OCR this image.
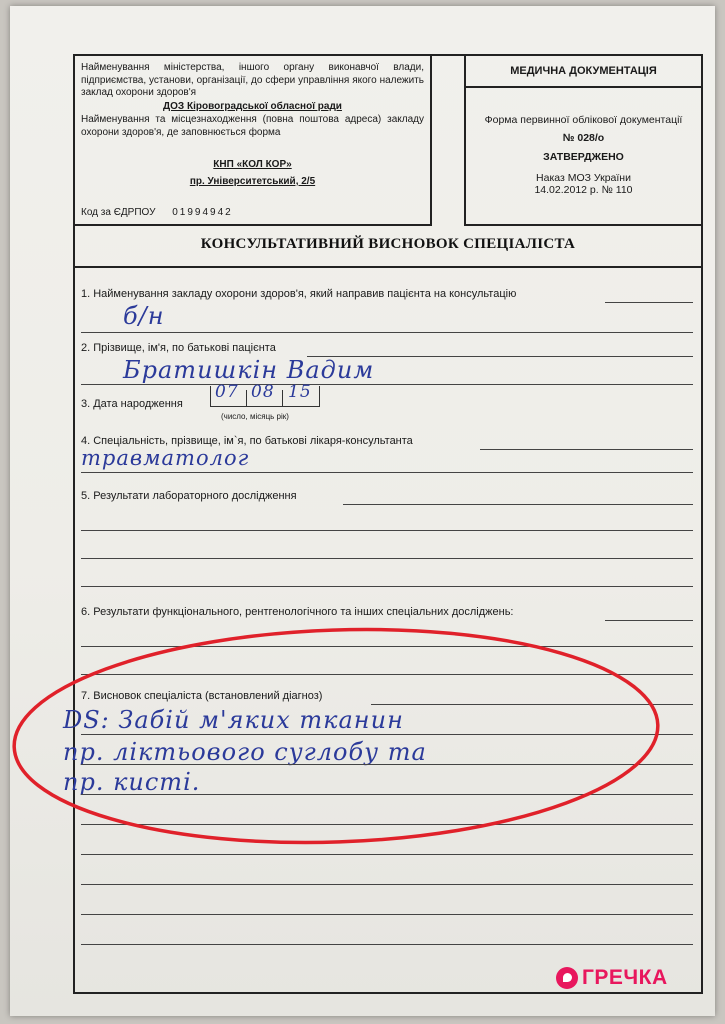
Найменування міністерства, іншого органу виконавчої влади, підприємства, установи, організації, до сфери управління якого належить заклад охорони здоров'я
ДОЗ Кіровоградської обласної ради
Найменування та місцезнаходження (повна поштова адреса) закладу охорони здоров'я, де заповнюється форма
КНП «КОЛ КОР»
пр. Університетський, 2/5
Код за ЄДРПОУ 01994942
МЕДИЧНА ДОКУМЕНТАЦІЯ
Форма первинної облікової документації
№ 028/о
ЗАТВЕРДЖЕНО
Наказ МОЗ України
14.02.2012 р. № 110
КОНСУЛЬТАТИВНИЙ ВИСНОВОК СПЕЦІАЛІСТА
1. Найменування закладу охорони здоров'я, який направив пацієнта на консультацію
б/н
2. Прізвище, ім'я, по батькові пацієнта
Братишкін Вадим
3. Дата народження
07 08 15
(число, місяць рік)
4. Спеціальність, прізвище, ім`я, по батькові лікаря-консультанта
травматолог
5. Результати лабораторного дослідження
6. Результати функціонального, рентгенологічного та інших спеціальних досліджень:
7. Висновок спеціаліста (встановлений діагноз)
DS: Забій м'яких тканин
пр. ліктьового суглобу та
пр. кисті.
ГРЕЧКА
